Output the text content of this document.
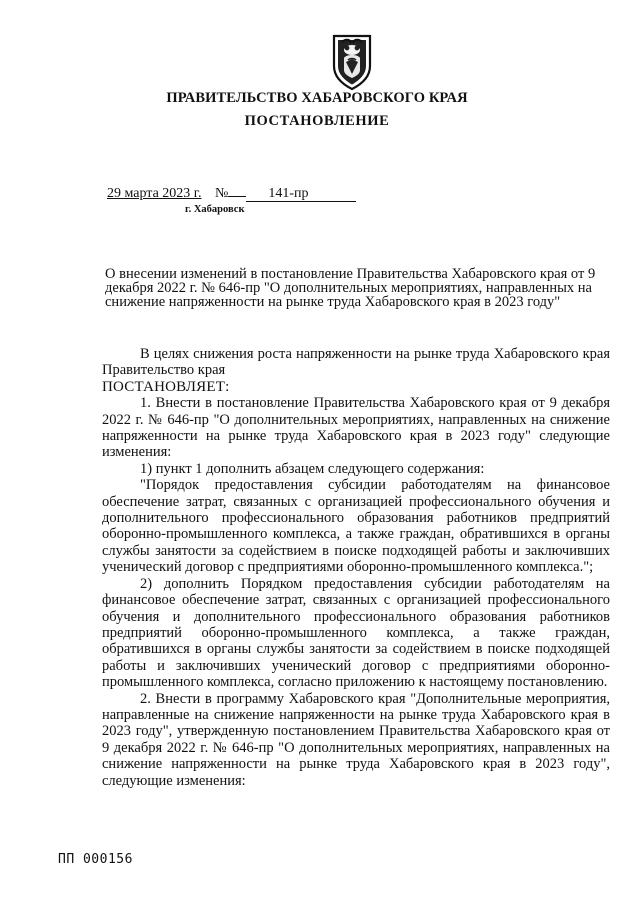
ПРАВИТЕЛЬСТВО ХАБАРОВСКОГО КРАЯ
ПОСТАНОВЛЕНИЕ
29 марта 2023 г. №	141-пр
г. Хабаровск
О внесении изменений в постановление Правительства Хабаровского края от 9 декабря 2022 г. № 646-пр "О дополнительных мероприятиях, направленных на снижение напряженности на рынке труда Хабаровского края в 2023 году"

В целях снижения роста напряженности на рынке труда Хабаровского края Правительство края

ПОСТАНОВЛЯЕТ:

1. Внести в постановление Правительства Хабаровского края от 9 декабря 2022 г. № 646-пр "О дополнительных мероприятиях, направленных на снижение напряженности на рынке труда Хабаровского края в 2023 году" следующие изменения:

1) пункт 1 дополнить абзацем следующего содержания:

"Порядок предоставления субсидии работодателям на финансовое обеспечение затрат, связанных с организацией профессионального обучения и дополнительного профессионального образования работников предприятий оборонно-промышленного комплекса, а также граждан, обратившихся в органы службы занятости за содействием в поиске подходящей работы и заключивших ученический договор с предприятиями оборонно-промышленного комплекса.";

2) дополнить Порядком предоставления субсидии работодателям на финансовое обеспечение затрат, связанных с организацией профессионального обучения и дополнительного профессионального образования работников предприятий оборонно-промышленного комплекса, а также граждан, обратившихся в органы службы занятости за содействием в поиске подходящей работы и заключивших ученический договор с предприятиями оборонно-промышленного комплекса, согласно приложению к настоящему постановлению.

2. Внести в программу Хабаровского края "Дополнительные мероприятия, направленные на снижение напряженности на рынке труда Хабаровского края в 2023 году", утвержденную постановлением Правительства Хабаровского края от 9 декабря 2022 г. № 646-пр "О дополнительных мероприятиях, направленных на снижение напряженности на рынке труда Хабаровского края в 2023 году", следующие изменения:

ПП 000156
